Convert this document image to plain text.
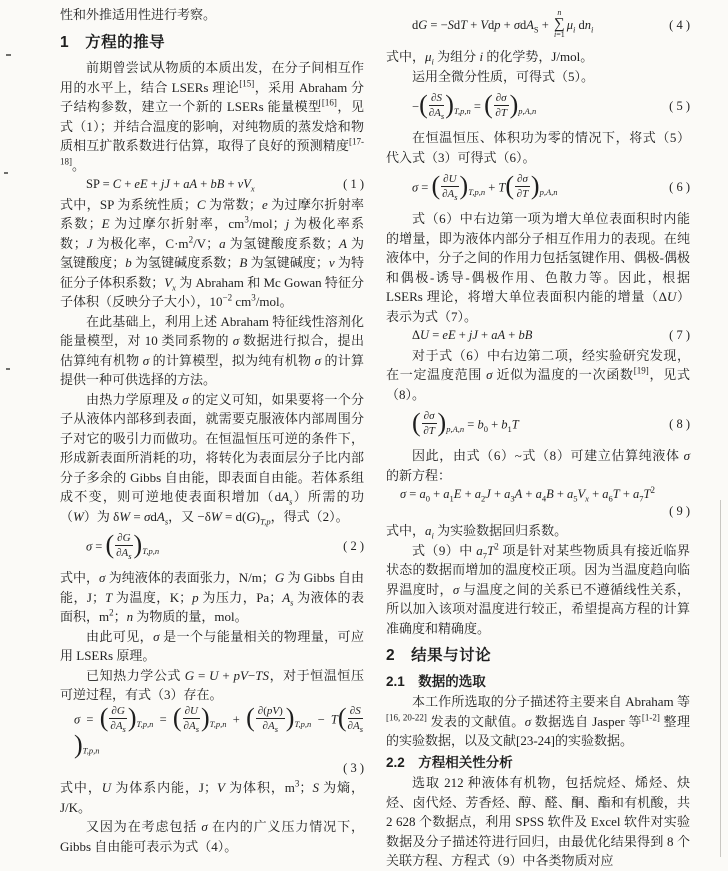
性和外推适用性进行考察。

1　方程的推导

前期曾尝试从物质的本质出发，在分子间相互作用的水平上，结合 LSERs 理论[15]，采用 Abraham 分子结构参数，建立一个新的 LSERs 能量模型[16]，见式（1）；并结合温度的影响，对纯物质的蒸发焓和物质相互扩散系数进行估算，取得了良好的预测精度[17-18]。

SP = C + eE + jJ + aA + bB + $vV_x$	( 1 )

式中，SP 为系统性质；C 为常数；e 为过摩尔折射率系数；E 为过摩尔折射率，$cm^3$/mol；j 为极化率系数；J 为极化率，$C\cdot m^2/V$；a 为氢键酸度系数；A 为氢键酸度；b 为氢键碱度系数；B 为氢键碱度；v 为特征分子体积系数；$V_x$ 为 Abraham 和 Mc Gowan 特征分子体积（反映分子大小），$10^{-2}$ $cm^3$/mol。

在此基础上，利用上述 Abraham 特征线性溶剂化能量模型，对 10 类同系物的 σ 数据进行拟合，提出估算纯有机物 σ 的计算模型，拟为纯有机物 σ 的计算提供一种可供选择的方法。

由热力学原理及 σ 的定义可知，如果要将一个分子从液体内部移到表面，就需要克服液体内部周围分子对它的吸引力而做功。在恒温恒压可逆的条件下，形成新表面所消耗的功，将转化为表面层分子比内部分子多余的 Gibbs 自由能，即表面自由能。若体系组成不变，则可逆地使表面积增加$(dA_s)$所需的功（W）为 δW = σdA$_s$，又 $-\delta W = d(G)_{T,p}$，得式（2）。

σ = ( $\frac{\partial G}{\partial A_s} )_{T,p,n}$	( 2 )

式中，σ 为纯液体的表面张力，N/m；G 为 Gibbs 自由能，J；T 为温度，K；p 为压力，Pa；$A_s$ 为液体的表面积，$m^2$；n 为物质的量，mol。

由此可见，σ 是一个与能量相关的物理量，可应用 LSERs 原理。

已知热力学公式 G = U + pV−TS，对于恒温恒压可逆过程，有式（3）存在。

σ = ( $\frac{\partial G}{\partial A_s} )_{T,p,n}$ = ( $\frac{\partial U}{\partial A_s} )_{T,p,n}$ + ( $\frac{\partial(pV)}{\partial A_s} )_{T,p,n} - T( \frac{\partial S}{\partial A_s}$
)$_{T,p,n}$
( 3 )

式中，U 为体系内能，J；V 为体积，$m^3$；S 为熵，J/K。

又因为在考虑包括 σ 在内的广义压力情况下，Gibbs 自由能可表示为式（4）。

dG = −SdT + Vdp + σdA$_S$ +
n
∑
i=1
$\mu_i$ $dn_i$	( 4 )

式中，$\mu_i$ 为组分 i 的化学势，J/mol。

运用全微分性质，可得式（5）。

−( $\frac{\partial S}{\partial A_s} )_{T,p,n}$ = ( $\frac{\partial\sigma}{\partial T} )_{p,A,n}$	( 5 )

在恒温恒压、体积功为零的情况下，将式（5）代入式（3）可得式（6）。

σ = ( $\frac{\partial U}{\partial A_s} )_{T,p,n} + T( \frac{\partial\sigma}{\partial T} )_{p,A,n}$	( 6 )

式（6）中右边第一项为增大单位表面积时内能的增量，即为液体内部分子相互作用力的表现。在纯液体中，分子之间的作用力包括氢键作用、偶极-偶极和偶极-诱导-偶极作用、色散力等。因此，根据 LSERs 理论，将增大单位表面积内能的增量（ΔU）表示为式（7）。

ΔU = eE + jJ + aA + bB	( 7 )

对于式（6）中右边第二项，经实验研究发现，在一定温度范围 σ 近似为温度的一次函数[19]，见式（8）。

( $\frac{\partial\sigma}{\partial T} )_{p,A,n} = b_0 + b_1T$	( 8 )

因此，由式（6）~式（8）可建立估算纯液体 σ 的新方程：

$\sigma = a_0 + a_1E + a_2J + a_3A + a_4B + a_5V_x + a_6T + a_7T^2$
( 9 )

式中，$a_i$ 为实验数据回归系数。

式（9）中 $a_7T^2$ 项是针对某些物质具有接近临界状态的数据而增加的温度校正项。因为当温度趋向临界温度时，σ 与温度之间的关系已不遵循线性关系，所以加入该项对温度进行较正，希望提高方程的计算准确度和精确度。

2　结果与讨论
2.1　数据的选取

本工作所选取的分子描述符主要来自 Abraham 等[16, 20-22] 发表的文献值。σ 数据选自 Jasper 等[1-2] 整理的实验数据，以及文献[23-24]的实验数据。

2.2　方程相关性分析

选取 212 种液体有机物，包括烷烃、烯烃、炔烃、卤代烃、芳香烃、醇、醛、酮、酯和有机酸，共 2 628 个数据点，利用 SPSS 软件及 Excel 软件对实验数据及分子描述符进行回归，由最优化结果得到 8 个关联方程、方程式（9）中各类物质对应
